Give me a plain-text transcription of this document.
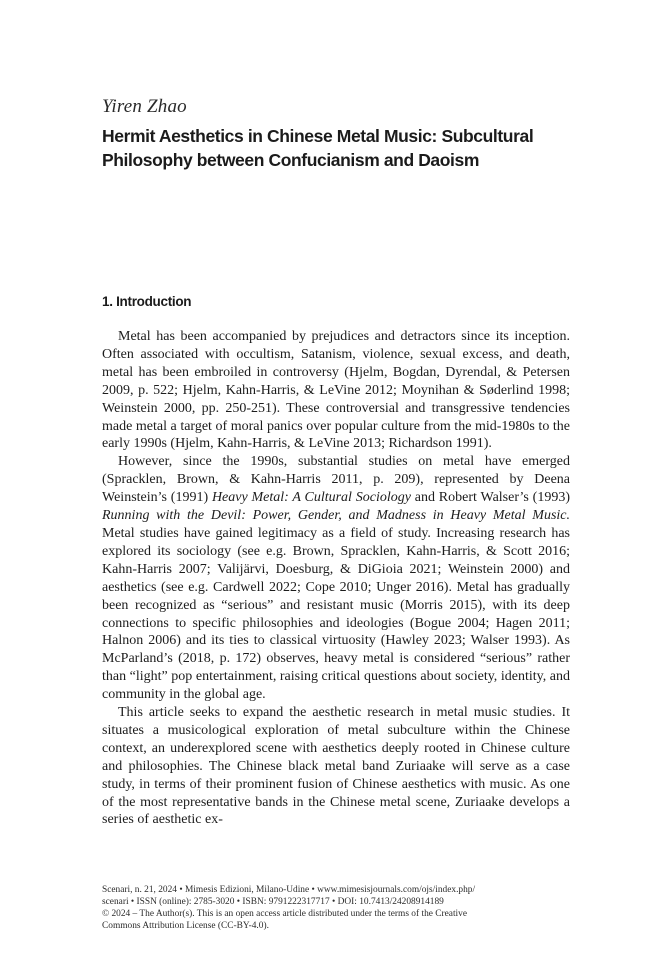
Yiren Zhao
Hermit Aesthetics in Chinese Metal Music: Subcultural
Philosophy between Confucianism and Daoism
1. Introduction

Metal has been accompanied by prejudices and detractors since its inception. Often associated with occultism, Satanism, violence, sexual excess, and death, metal has been embroiled in controversy (Hjelm, Bogdan, Dyrendal, & Petersen 2009, p. 522; Hjelm, Kahn-Harris, & LeVine 2012; Moynihan & Søderlind 1998; Weinstein 2000, pp. 250-251). These controversial and transgressive tendencies made metal a target of moral panics over popular culture from the mid-1980s to the early 1990s (Hjelm, Kahn-Harris, & LeVine 2013; Richardson 1991).

However, since the 1990s, substantial studies on metal have emerged (Spracklen, Brown, & Kahn-Harris 2011, p. 209), represented by Deena Weinstein’s (1991) Heavy Metal: A Cultural Sociology and Robert Walser’s (1993) Running with the Devil: Power, Gender, and Madness in Heavy Metal Music. Metal studies have gained legitimacy as a field of study. Increasing research has explored its sociology (see e.g. Brown, Spracklen, Kahn-Harris, & Scott 2016; Kahn-Harris 2007; Valijärvi, Doesburg, & DiGioia 2021; Weinstein 2000) and aesthetics (see e.g. Cardwell 2022; Cope 2010; Unger 2016). Metal has gradually been recognized as “serious” and resistant music (Morris 2015), with its deep connections to specific philosophies and ideologies (Bogue 2004; Hagen 2011; Halnon 2006) and its ties to classical virtuosity (Hawley 2023; Walser 1993). As McParland’s (2018, p. 172) observes, heavy metal is considered “serious” rather than “light” pop entertainment, raising critical questions about society, identity, and community in the global age.

This article seeks to expand the aesthetic research in metal music studies. It situates a musicological exploration of metal subculture within the Chinese context, an underexplored scene with aesthetics deeply rooted in Chinese culture and philosophies. The Chinese black metal band Zuriaake will serve as a case study, in terms of their prominent fusion of Chinese aesthetics with music. As one of the most representative bands in the Chinese metal scene, Zuriaake develops a series of aesthetic ex-

Scenari, n. 21, 2024 • Mimesis Edizioni, Milano-Udine • www.mimesisjournals.com/ojs/index.php/
scenari • ISSN (online): 2785-3020 • ISBN: 9791222317717 • DOI: 10.7413/24208914189
© 2024 – The Author(s). This is an open access article distributed under the terms of the Creative
Commons Attribution License (CC-BY-4.0).
